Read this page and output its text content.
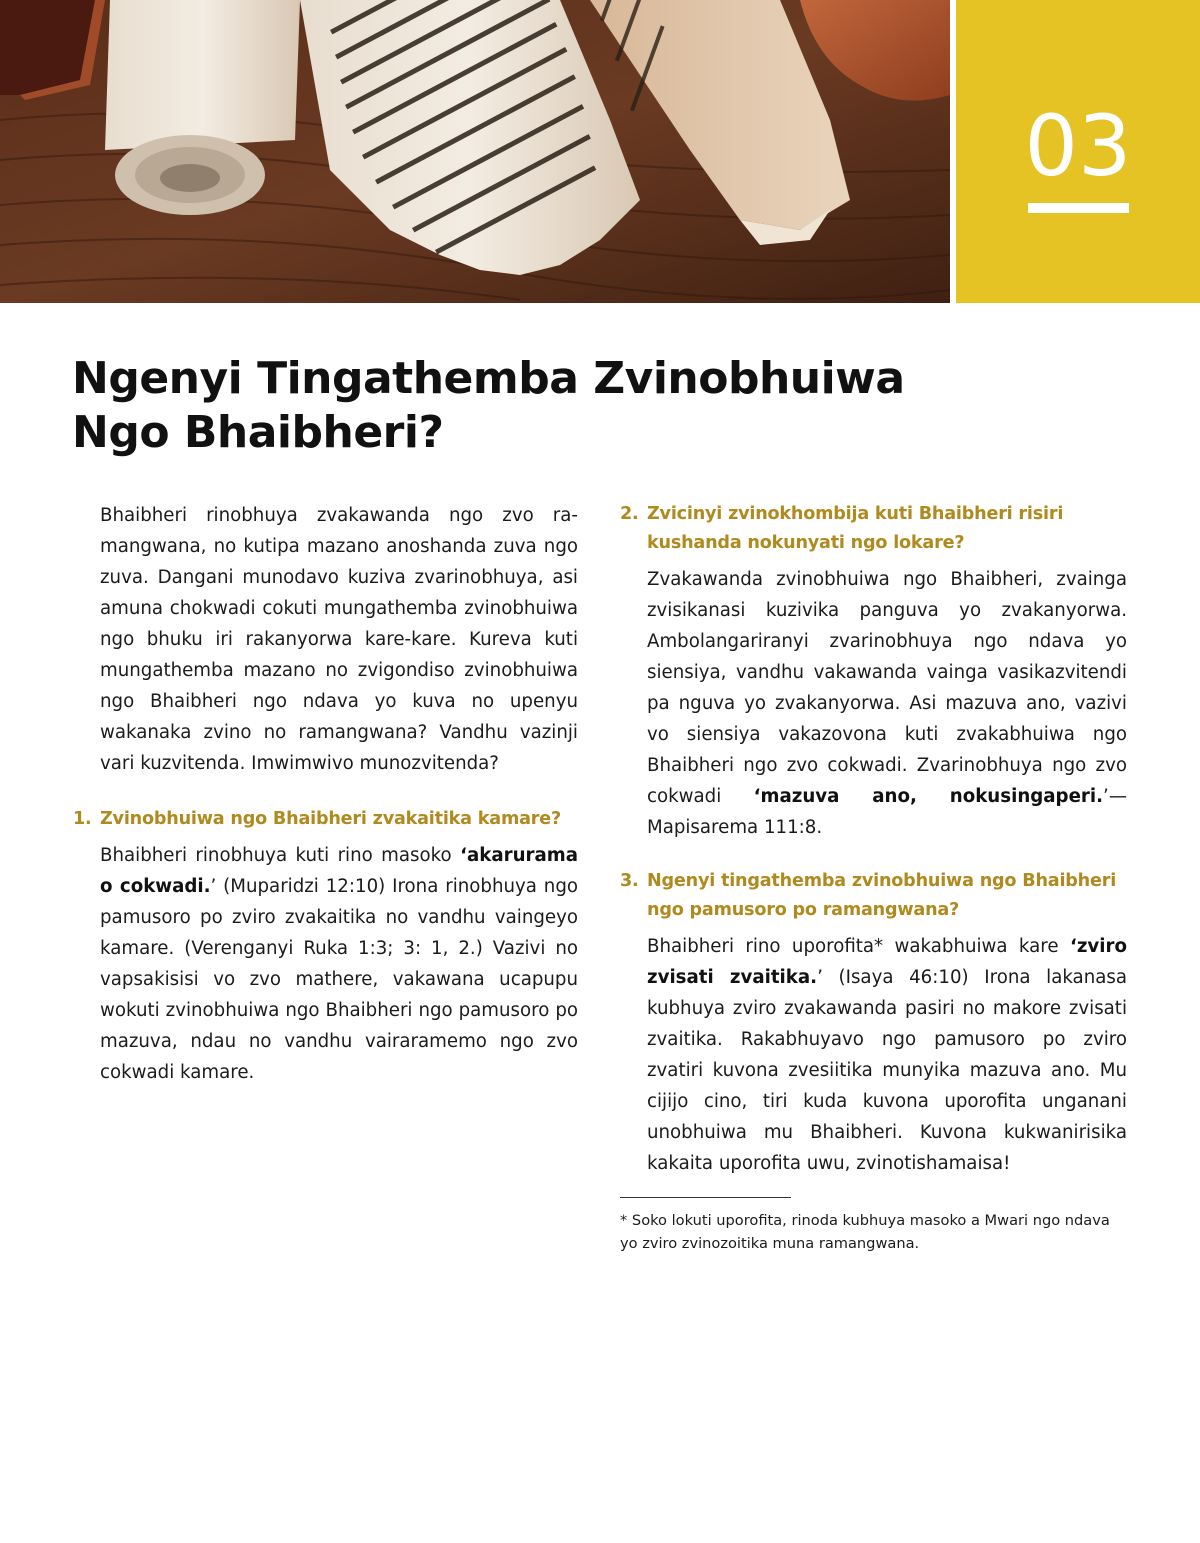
03
Ngenyi Tingathemba Zvinobhuiwa
Ngo Bhaibheri?

Bhaibheri rinobhuya zvakawanda ngo zvo ramangwana, no kutipa mazano anoshanda zuva ngo zuva. Dangani munodavo kuziva zvarinobhuya, asi amuna chokwadi cokuti mungathemba zvinobhuiwa ngo bhuku iri rakanyorwa kare-kare. Kureva kuti mungathemba mazano no zvigondiso zvinobhuiwa ngo Bhaibheri ngo ndava yo kuva no upenyu wakanaka zvino no ramangwana? Vandhu vazinji vari kuzvitenda. Imwimwivo munozvitenda?

1. Zvinobhuiwa ngo Bhaibheri zvakaitika kamare?

Bhaibheri rinobhuya kuti rino masoko ‘akarurama o cokwadi.’ (Muparidzi 12:10) Irona rinobhuya ngo pamusoro po zviro zvakaitika no vandhu vaingeyo kamare. (Verenganyi Ruka 1:3; 3: 1, 2.) Vazivi no vapsakisisi vo zvo mathere, vakawana ucapupu wokuti zvinobhuiwa ngo Bhaibheri ngo pamusoro po mazuva, ndau no vandhu vairaramemo ngo zvo cokwadi kamare.

2. Zvicinyi zvinokhombija kuti Bhaibheri risiri kushanda nokunyati ngo lokare?

Zvakawanda zvinobhuiwa ngo Bhaibheri, zvainga zvisikanasi kuzivika panguva yo zvakanyorwa. Ambolangariranyi zvarinobhuya ngo ndava yo siensiya, vandhu vakawanda vainga vasikazvitendi pa nguva yo zvakanyorwa. Asi mazuva ano, vazivi vo siensiya vakazovona kuti zvakabhuiwa ngo Bhaibheri ngo zvo cokwadi. Zvarinobhuya ngo zvo cokwadi ‘mazuva ano, nokusingaperi.’—Mapisarema 111:8.

3. Ngenyi tingathemba zvinobhuiwa ngo Bhaibheri ngo pamusoro po ramangwana?

Bhaibheri rino uporofita* wakabhuiwa kare ‘zviro zvisati zvaitika.’ (Isaya 46:10) Irona lakanasa kubhuya zviro zvakawanda pasiri no makore zvisati zvaitika. Rakabhuyavo ngo pamusoro po zviro zvatiri kuvona zvesiitika munyika mazuva ano. Mu cijijo cino, tiri kuda kuvona uporofita unganani unobhuiwa mu Bhaibheri. Kuvona kukwanirisika kakaita uporofita uwu, zvinotishamaisa!

* Soko lokuti uporofita, rinoda kubhuya masoko a Mwari ngo ndava yo zviro zvinozoitika muna ramangwana.
